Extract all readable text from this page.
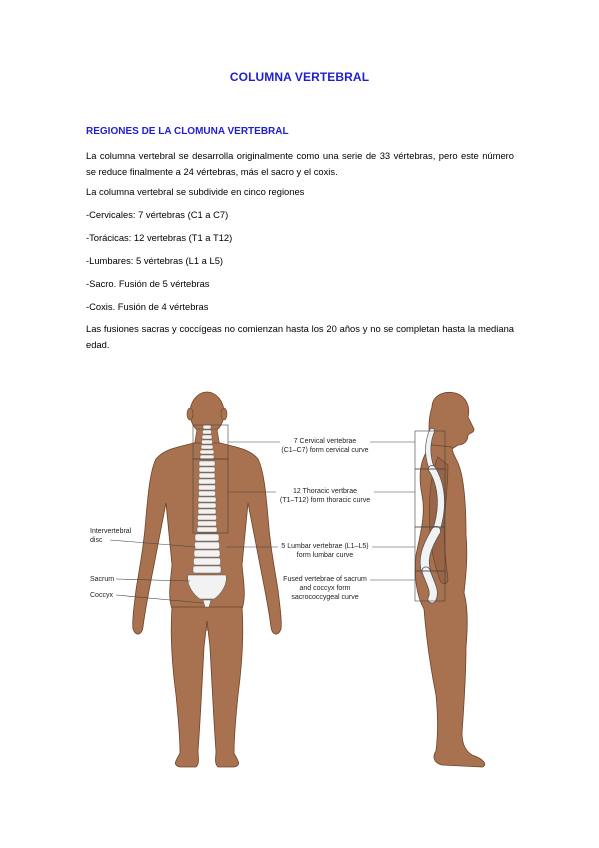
COLUMNA VERTEBRAL
REGIONES DE LA CLOMUNA VERTEBRAL

La columna vertebral se desarrolla originalmente como una serie de 33 vértebras, pero este número se reduce finalmente a 24 vértebras, más el sacro y el coxis.

La columna vertebral se subdivide en cinco regiones

-Cervicales: 7 vértebras (C1 a C7)

-Torácicas: 12 vertebras (T1 a T12)

-Lumbares: 5 vértebras (L1 a L5)

-Sacro. Fusión de 5 vértebras

-Coxis. Fusión de 4 vértebras

Las fusiones sacras y coccígeas no comienzan hasta los 20 años y no se completan hasta la mediana edad.

Intervertebral
disc
Sacrum
Coccyx
7 Cervical vertebrae
(C1–C7) form cervical curve
12 Thoracic vertbrae
(T1–T12) form thoracic curve
5 Lumbar vertebrae (L1–L5)
form lumbar curve
Fused vertebrae of sacrum
and coccyx form
sacrococcygeal curve
